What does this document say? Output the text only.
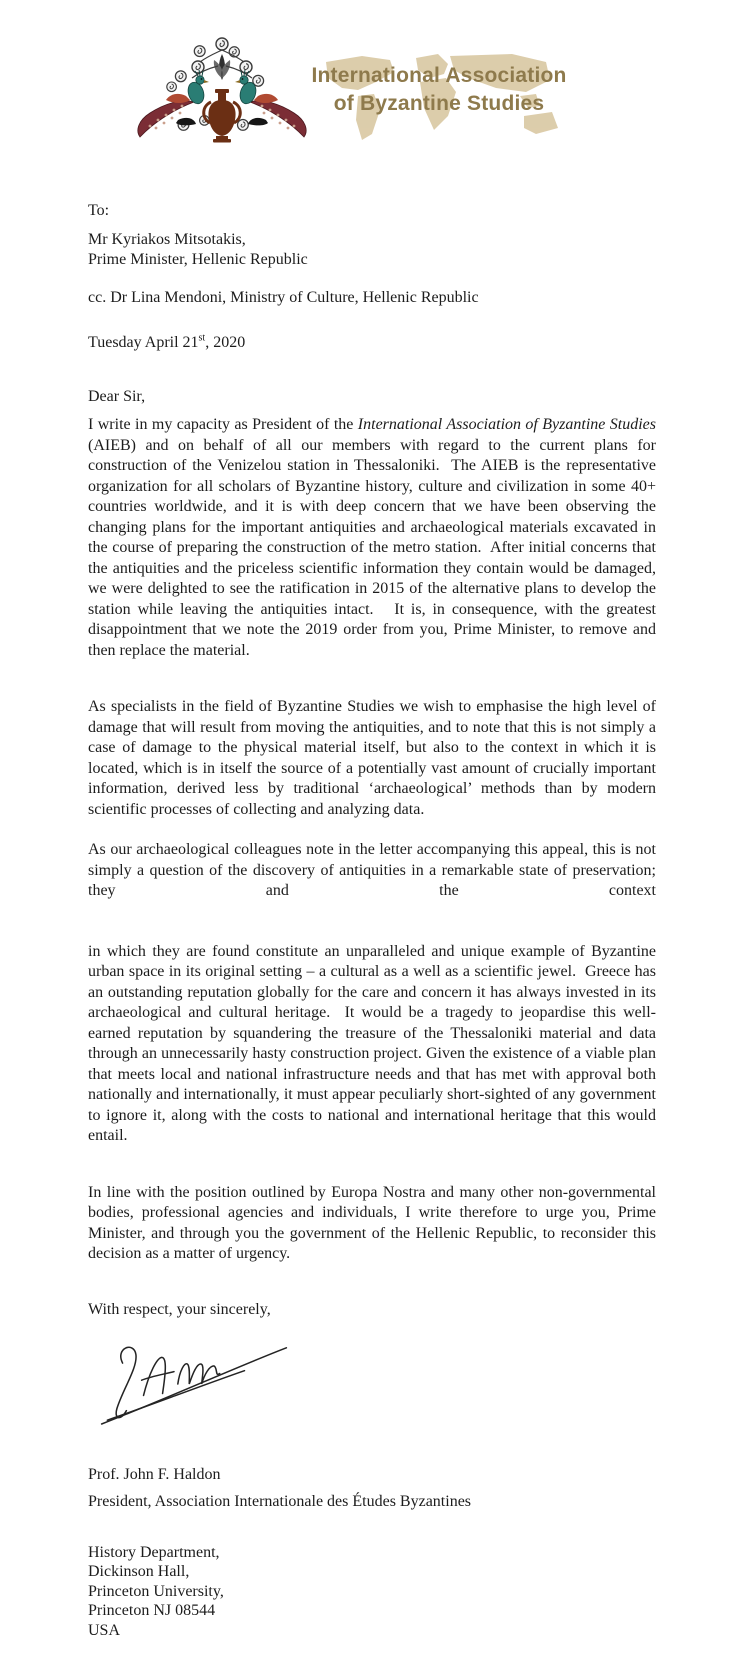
International Association
of Byzantine Studies
To:
Mr Kyriakos Mitsotakis,
Prime Minister, Hellenic Republic
cc. Dr Lina Mendoni, Ministry of Culture, Hellenic Republic
Tuesday April 21st, 2020
Dear Sir,

I write in my capacity as President of the International Association of Byzantine Studies (AIEB) and on behalf of all our members with regard to the current plans for construction of the Venizelou station in Thessaloniki.  The AIEB is the representative organization for all scholars of Byzantine history, culture and civilization in some 40+ countries worldwide, and it is with deep concern that we have been observing the changing plans for the important antiquities and archaeological materials excavated in the course of preparing the construction of the metro station.  After initial concerns that the antiquities and the priceless scientific information they contain would be damaged, we were delighted to see the ratification in 2015 of the alternative plans to develop the station while leaving the antiquities intact.   It is, in consequence, with the greatest disappointment that we note the 2019 order from you, Prime Minister, to remove and then replace the material.

As specialists in the field of Byzantine Studies we wish to emphasise the high level of damage that will result from moving the antiquities, and to note that this is not simply a case of damage to the physical material itself, but also to the context in which it is located, which is in itself the source of a potentially vast amount of crucially important information, derived less by traditional ‘archaeological’ methods than by modern scientific processes of collecting and analyzing data.

As our archaeological colleagues note in the letter accompanying this appeal, this is not simply a question of the discovery of antiquities in a remarkable state of preservation; they and the context

in which they are found constitute an unparalleled and unique example of Byzantine urban space in its original setting – a cultural as a well as a scientific jewel.  Greece has an outstanding reputation globally for the care and concern it has always invested in its archaeological and cultural heritage.  It would be a tragedy to jeopardise this well-earned reputation by squandering the treasure of the Thessaloniki material and data through an unnecessarily hasty construction project. Given the existence of a viable plan that meets local and national infrastructure needs and that has met with approval both nationally and internationally, it must appear peculiarly short-sighted of any government to ignore it, along with the costs to national and international heritage that this would entail.

In line with the position outlined by Europa Nostra and many other non-governmental bodies, professional agencies and individuals, I write therefore to urge you, Prime Minister, and through you the government of the Hellenic Republic, to reconsider this decision as a matter of urgency.

With respect, your sincerely,
Prof. John F. Haldon
President, Association Internationale des Études Byzantines
History Department,
Dickinson Hall,
Princeton University,
Princeton NJ 08544
USA
